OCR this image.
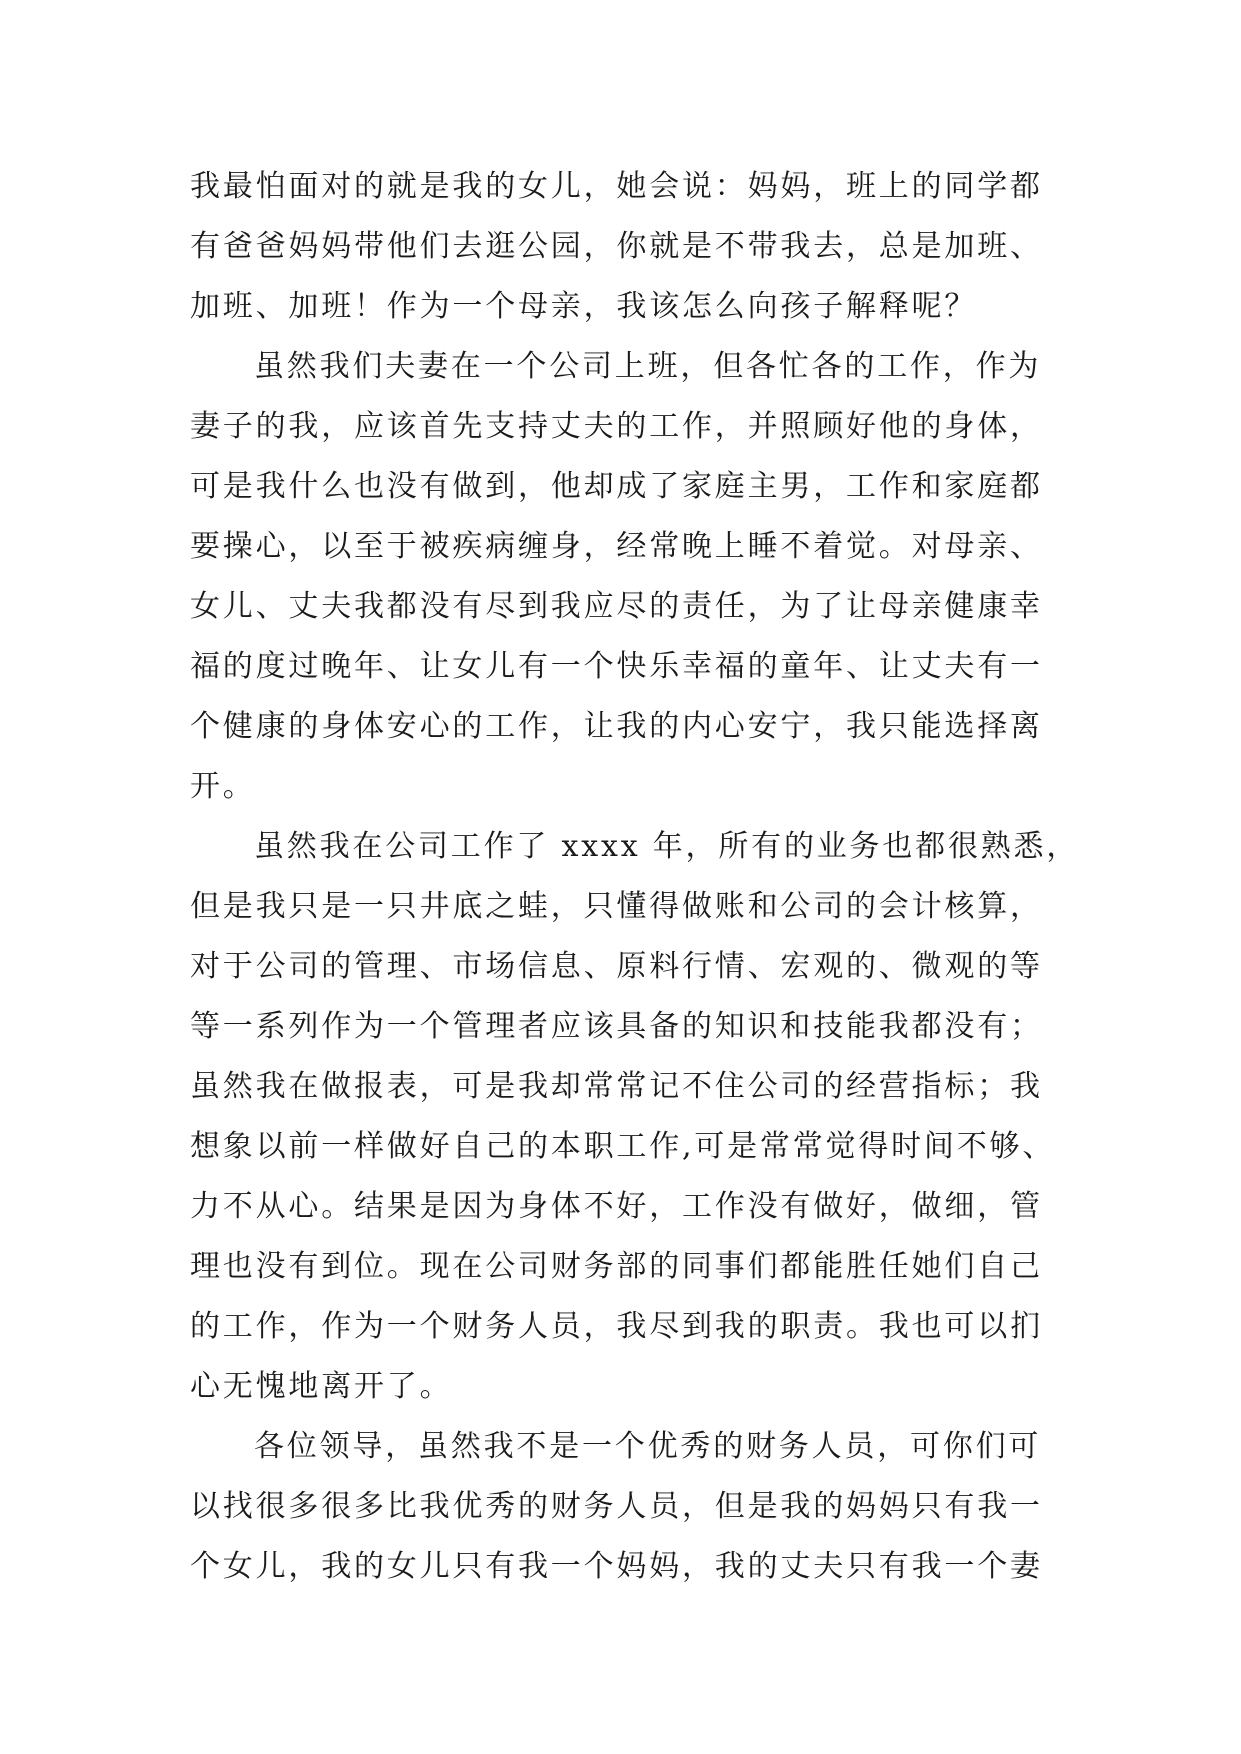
我最怕面对的就是我的女儿，她会说：妈妈，班上的同学都
有爸爸妈妈带他们去逛公园，你就是不带我去，总是加班、
加班、加班！作为一个母亲，我该怎么向孩子解释呢？
虽然我们夫妻在一个公司上班，但各忙各的工作，作为
妻子的我，应该首先支持丈夫的工作，并照顾好他的身体，
可是我什么也没有做到，他却成了家庭主男，工作和家庭都
要操心，以至于被疾病缠身，经常晚上睡不着觉。对母亲、
女儿、丈夫我都没有尽到我应尽的责任，为了让母亲健康幸
福的度过晚年、让女儿有一个快乐幸福的童年、让丈夫有一
个健康的身体安心的工作，让我的内心安宁，我只能选择离
开。
虽然我在公司工作了 xxxx 年，所有的业务也都很熟悉，
但是我只是一只井底之蛙，只懂得做账和公司的会计核算，
对于公司的管理、市场信息、原料行情、宏观的、微观的等
等一系列作为一个管理者应该具备的知识和技能我都没有；
虽然我在做报表，可是我却常常记不住公司的经营指标；我
想象以前一样做好自己的本职工作,可是常常觉得时间不够、
力不从心。结果是因为身体不好，工作没有做好，做细，管
理也没有到位。现在公司财务部的同事们都能胜任她们自己
的工作，作为一个财务人员，我尽到我的职责。我也可以扪
心无愧地离开了。
各位领导，虽然我不是一个优秀的财务人员，可你们可
以找很多很多比我优秀的财务人员，但是我的妈妈只有我一
个女儿，我的女儿只有我一个妈妈，我的丈夫只有我一个妻
